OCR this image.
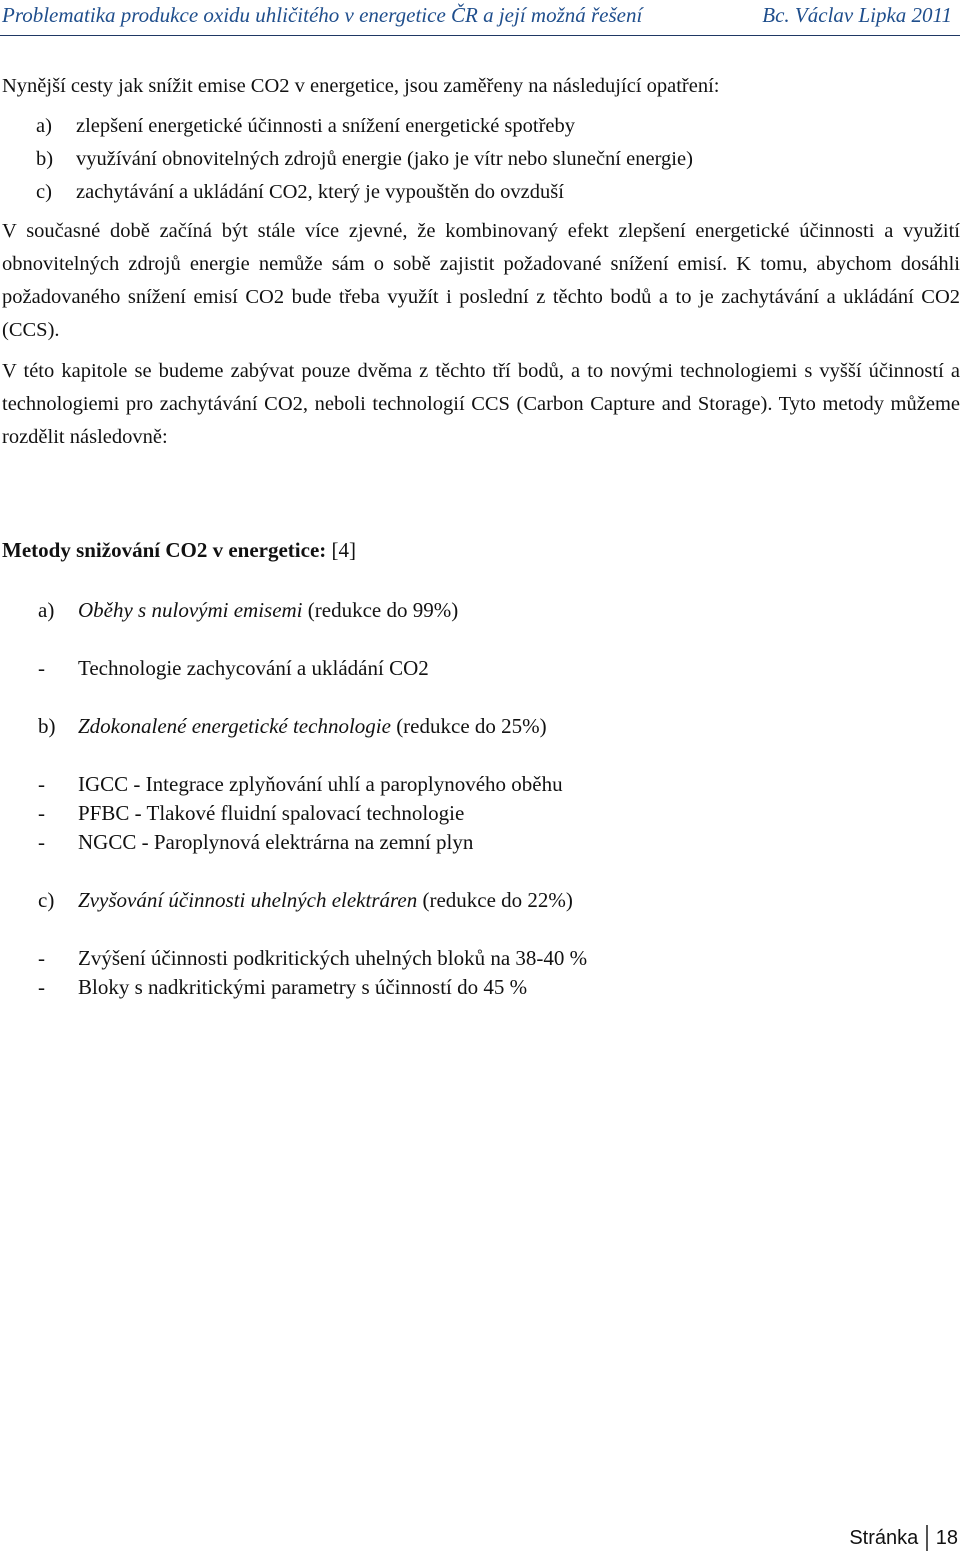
Problematika produkce oxidu uhličitého v energetice ČR a její možná řešení	Bc. Václav Lipka 2011

Nynější cesty jak snížit emise CO2 v energetice, jsou zaměřeny na následující opatření:

a)	zlepšení energetické účinnosti a snížení energetické spotřeby
b)	využívání obnovitelných zdrojů energie (jako je vítr nebo sluneční energie)
c)	zachytávání a ukládání CO2, který je vypouštěn do ovzduší

V současné době začíná být stále více zjevné, že kombinovaný efekt zlepšení energetické účinnosti a využití obnovitelných zdrojů energie nemůže sám o sobě zajistit požadované snížení emisí. K tomu, abychom dosáhli požadovaného snížení emisí CO2 bude třeba využít i poslední z těchto bodů a to je zachytávání a ukládání CO2 (CCS).

V této kapitole se budeme zabývat pouze dvěma z těchto tří bodů, a to novými technologiemi s vyšší účinností a technologiemi pro zachytávání CO2, neboli technologií CCS (Carbon Capture and Storage). Tyto metody můžeme rozdělit následovně:

Metody snižování CO2 v energetice: [4]
a)	Oběhy s nulovými emisemi (redukce do 99%)
-	Technologie zachycování a ukládání CO2
b)	Zdokonalené energetické technologie (redukce do 25%)
-	IGCC - Integrace zplyňování uhlí a paroplynového oběhu
-	PFBC - Tlakové fluidní spalovací technologie
-	NGCC - Paroplynová elektrárna na zemní plyn
c)	Zvyšování účinnosti uhelných elektráren (redukce do 22%)
-	Zvýšení účinnosti podkritických uhelných bloků na 38-40 %
-	Bloky s nadkritickými parametry s účinností do 45 %
Stránka 18
